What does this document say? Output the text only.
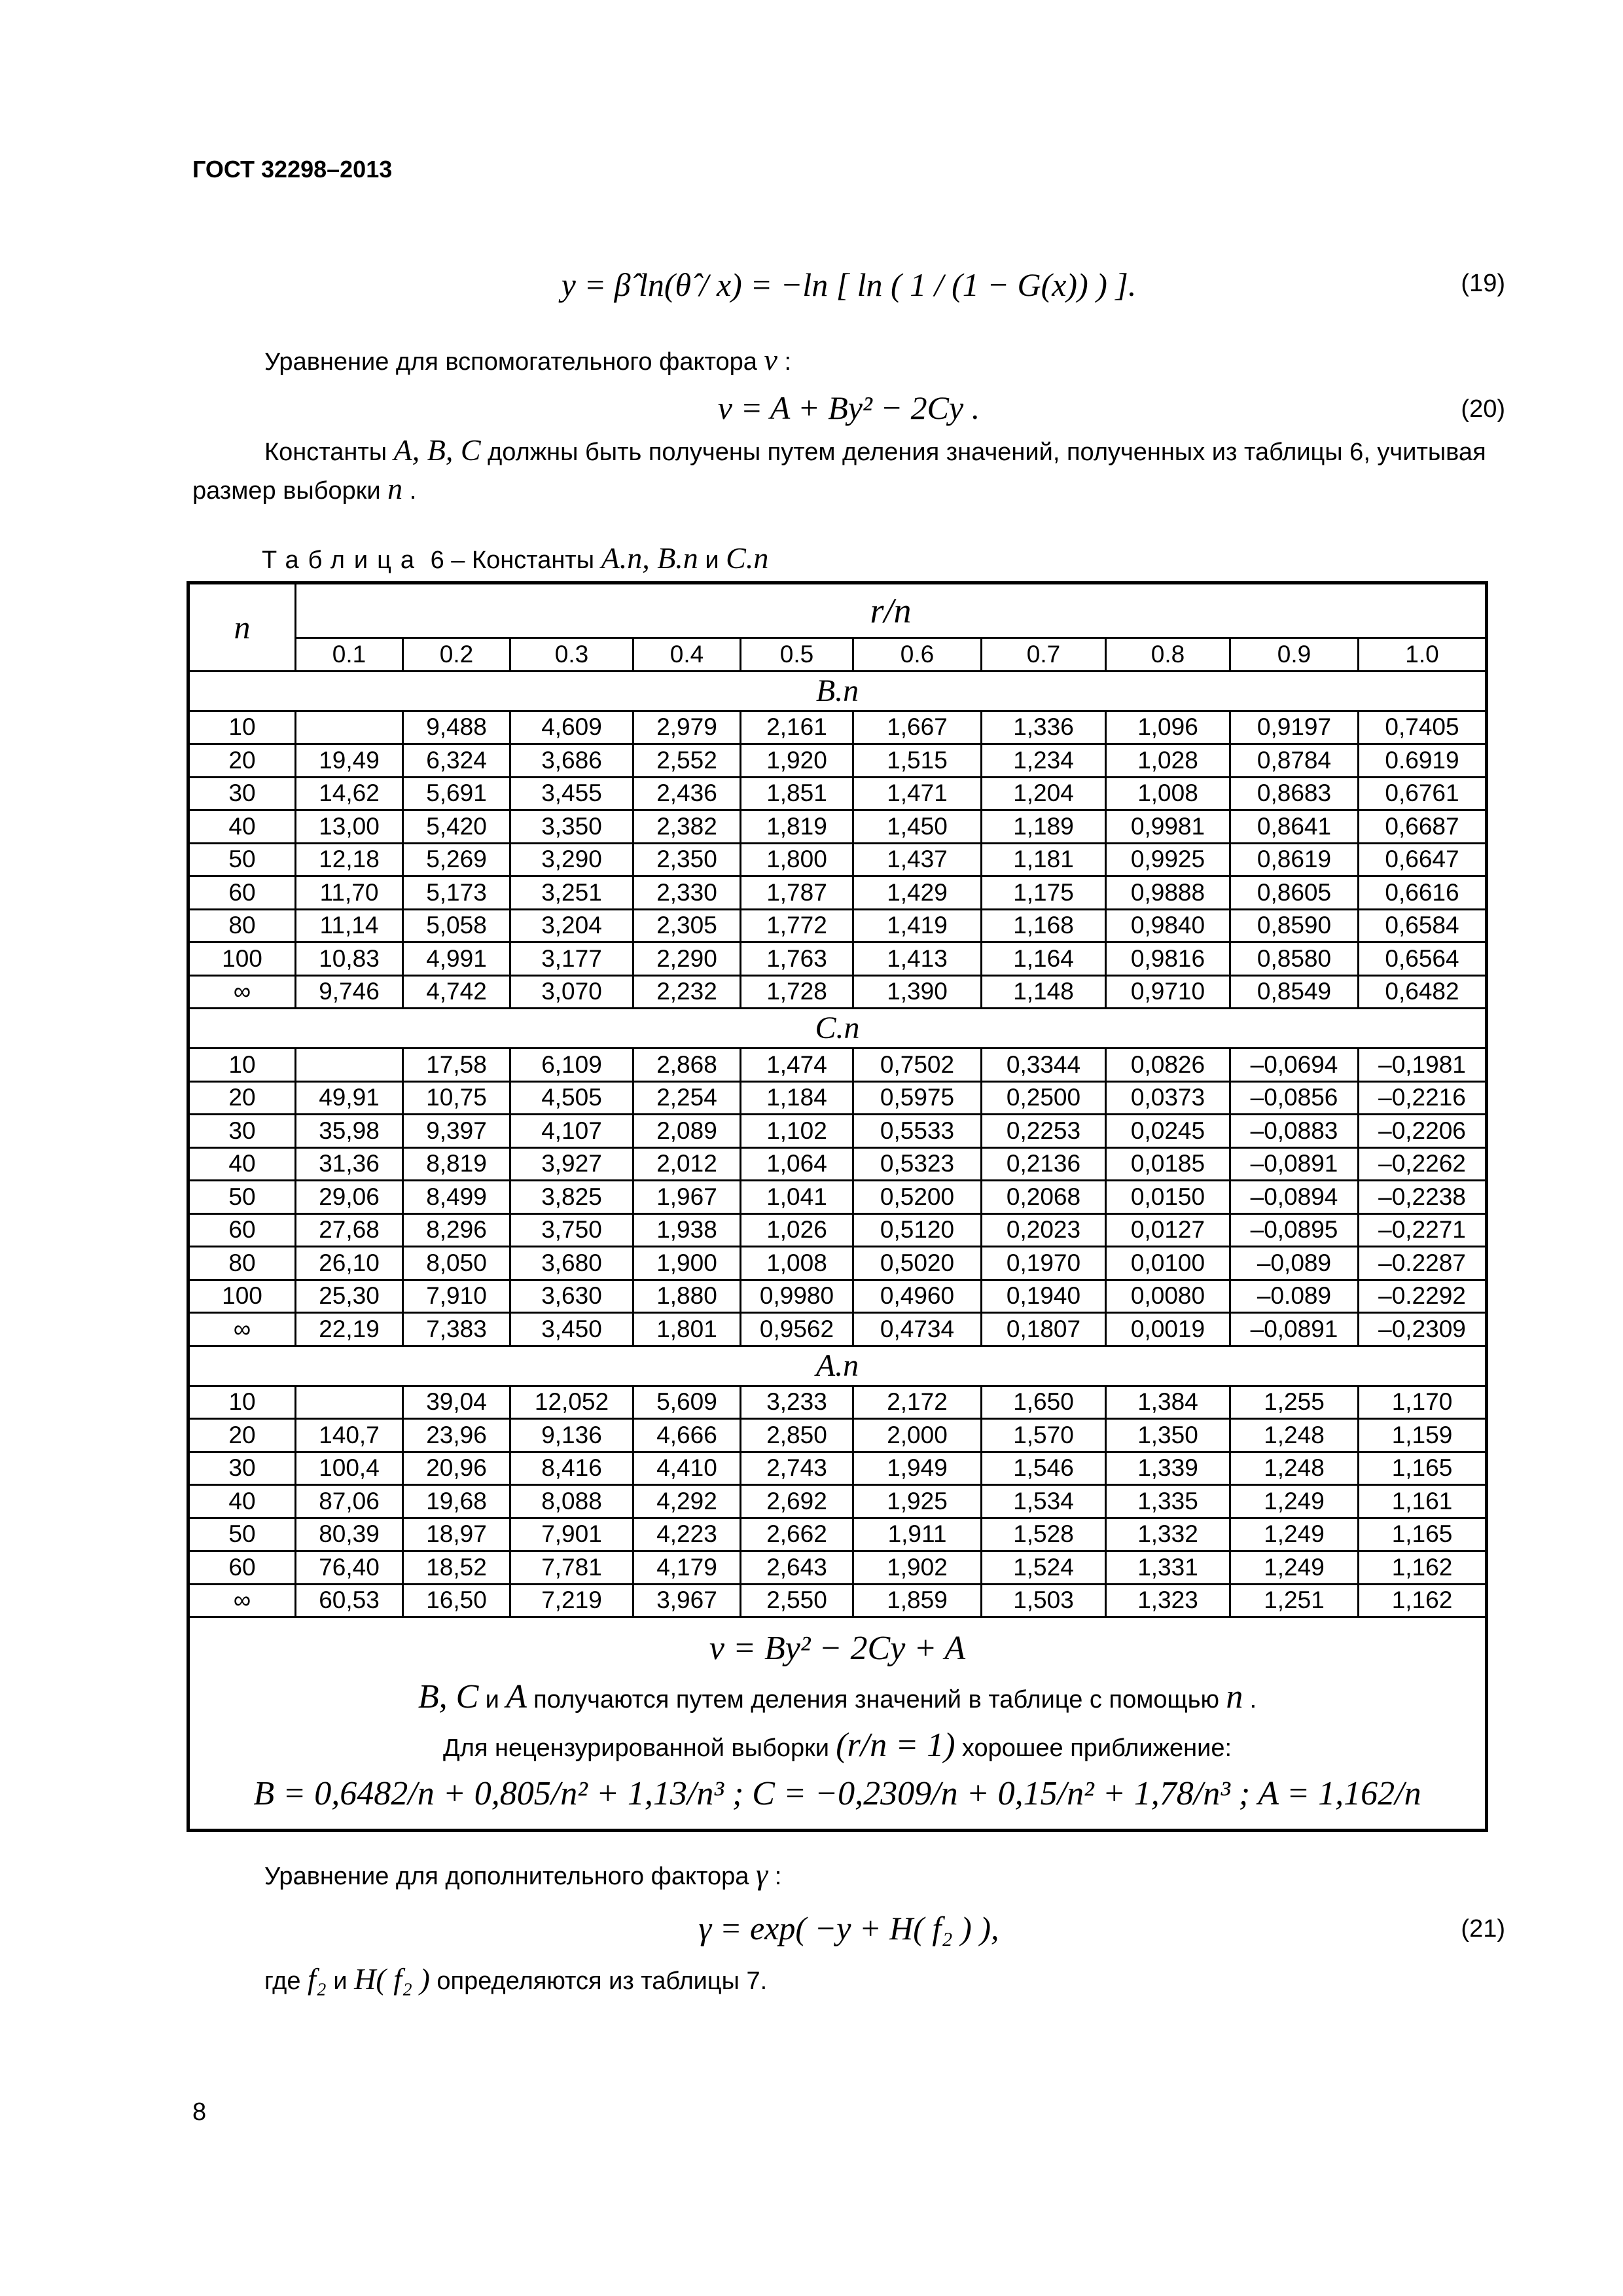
ГОСТ 32298–2013
y = β̂ ln(θ̂ / x) = −ln [ ln ( 1 / (1 − G(x)) ) ].	(19)
Уравнение для вспомогательного фактора v :
v = A + By² − 2Cy .	(20)
Константы A, B, C должны быть получены путем деления значений, полученных из таблицы 6, учитывая размер выборки n .
Таблица 6 – Константы A.n, B.n и C.n
n	r/n									
	0.1	0.2	0.3	0.4	0.5	0.6	0.7	0.8	0.9	1.0
B.n										
10		9,488	4,609	2,979	2,161	1,667	1,336	1,096	0,9197	0,7405
20	19,49	6,324	3,686	2,552	1,920	1,515	1,234	1,028	0,8784	0.6919
30	14,62	5,691	3,455	2,436	1,851	1,471	1,204	1,008	0,8683	0,6761
40	13,00	5,420	3,350	2,382	1,819	1,450	1,189	0,9981	0,8641	0,6687
50	12,18	5,269	3,290	2,350	1,800	1,437	1,181	0,9925	0,8619	0,6647
60	11,70	5,173	3,251	2,330	1,787	1,429	1,175	0,9888	0,8605	0,6616
80	11,14	5,058	3,204	2,305	1,772	1,419	1,168	0,9840	0,8590	0,6584
100	10,83	4,991	3,177	2,290	1,763	1,413	1,164	0,9816	0,8580	0,6564
∞	9,746	4,742	3,070	2,232	1,728	1,390	1,148	0,9710	0,8549	0,6482
C.n										
10		17,58	6,109	2,868	1,474	0,7502	0,3344	0,0826	–0,0694	–0,1981
20	49,91	10,75	4,505	2,254	1,184	0,5975	0,2500	0,0373	–0,0856	–0,2216
30	35,98	9,397	4,107	2,089	1,102	0,5533	0,2253	0,0245	–0,0883	–0,2206
40	31,36	8,819	3,927	2,012	1,064	0,5323	0,2136	0,0185	–0,0891	–0,2262
50	29,06	8,499	3,825	1,967	1,041	0,5200	0,2068	0,0150	–0,0894	–0,2238
60	27,68	8,296	3,750	1,938	1,026	0,5120	0,2023	0,0127	–0,0895	–0,2271
80	26,10	8,050	3,680	1,900	1,008	0,5020	0,1970	0,0100	–0,089	–0.2287
100	25,30	7,910	3,630	1,880	0,9980	0,4960	0,1940	0,0080	–0.089	–0.2292
∞	22,19	7,383	3,450	1,801	0,9562	0,4734	0,1807	0,0019	–0,0891	–0,2309
A.n										
10		39,04	12,052	5,609	3,233	2,172	1,650	1,384	1,255	1,170
20	140,7	23,96	9,136	4,666	2,850	2,000	1,570	1,350	1,248	1,159
30	100,4	20,96	8,416	4,410	2,743	1,949	1,546	1,339	1,248	1,165
40	87,06	19,68	8,088	4,292	2,692	1,925	1,534	1,335	1,249	1,161
50	80,39	18,97	7,901	4,223	2,662	1,911	1,528	1,332	1,249	1,165
60	76,40	18,52	7,781	4,179	2,643	1,902	1,524	1,331	1,249	1,162
∞	60,53	16,50	7,219	3,967	2,550	1,859	1,503	1,323	1,251	1,162

v = By² − 2Cy + A
B, C и A получаются путем деления значений в таблице с помощью n .
Для нецензурированной выборки (r/n = 1) хорошее приближение:
B = 0,6482/n + 0,805/n² + 1,13/n³ ; C = −0,2309/n + 0,15/n² + 1,78/n³ ; A = 1,162/n										
Уравнение для дополнительного фактора γ :
γ = exp( −y + H( f₂ ) ),	(21)
где f₂ и H( f₂ ) определяются из таблицы 7.
8
